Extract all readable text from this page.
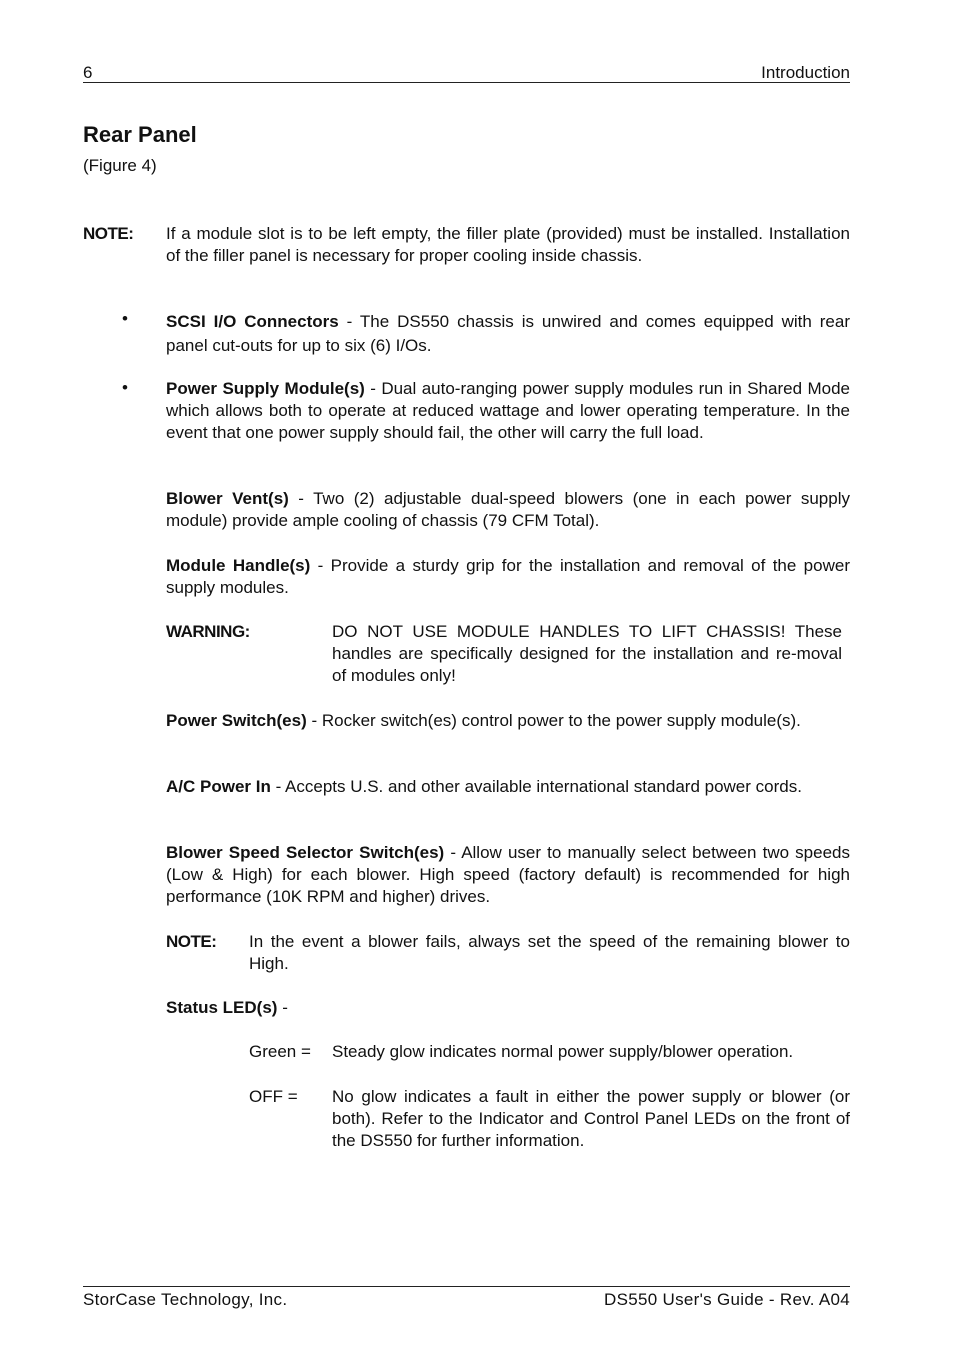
6	Introduction
Rear Panel
(Figure 4)
NOTE: If a module slot is to be left empty, the filler plate (provided) must be installed. Installation of the filler panel is necessary for proper cooling inside chassis.
• SCSI I/O Connectors - The DS550 chassis is unwired and comes equipped with rear panel cut-outs for up to six (6) I/Os.
• Power Supply Module(s) - Dual auto-ranging power supply modules run in Shared Mode which allows both to operate at reduced wattage and lower operating temperature. In the event that one power supply should fail, the other will carry the full load.
Blower Vent(s) - Two (2) adjustable dual-speed blowers (one in each power supply module) provide ample cooling of chassis (79 CFM Total).
Module Handle(s) - Provide a sturdy grip for the installation and removal of the power supply modules.
WARNING:	DO NOT USE MODULE HANDLES TO LIFT CHASSIS! These handles are specifically designed for the installation and re-moval of modules only!
Power Switch(es) - Rocker switch(es) control power to the power supply module(s).
A/C Power In - Accepts U.S. and other available international standard power cords.
Blower Speed Selector Switch(es) - Allow user to manually select between two speeds (Low & High) for each blower. High speed (factory default) is recommended for high performance (10K RPM and higher) drives.
NOTE: In the event a blower fails, always set the speed of the remaining blower to High.
Status LED(s) -
Green = Steady glow indicates normal power supply/blower operation.
OFF = No glow indicates a fault in either the power supply or blower (or both). Refer to the Indicator and Control Panel LEDs on the front of the DS550 for further information.
StorCase Technology, Inc.	DS550 User's Guide - Rev. A04
